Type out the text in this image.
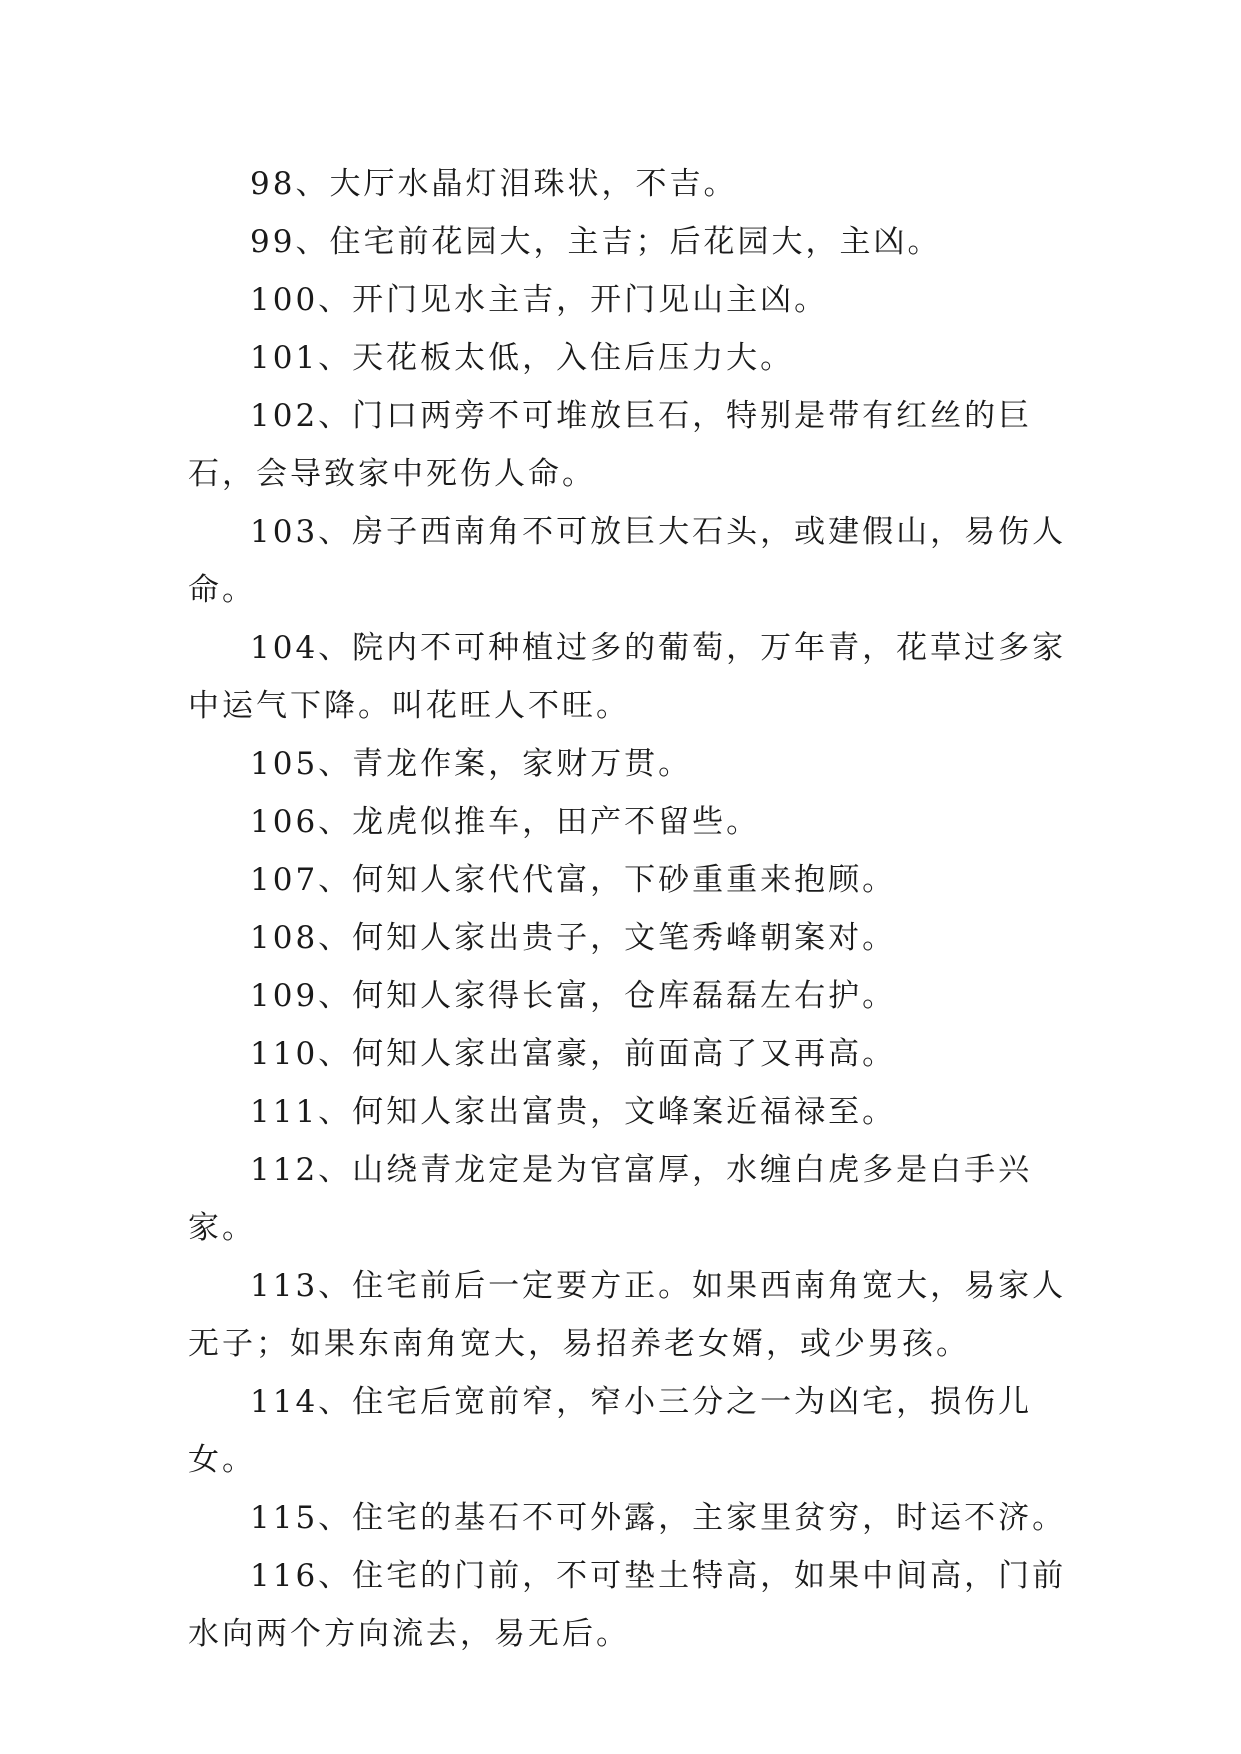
98、大厅水晶灯泪珠状，不吉。

99、住宅前花园大，主吉；后花园大，主凶。

100、开门见水主吉，开门见山主凶。

101、天花板太低，入住后压力大。

102、门口两旁不可堆放巨石，特别是带有红丝的巨石，会导致家中死伤人命。

103、房子西南角不可放巨大石头，或建假山，易伤人命。

104、院内不可种植过多的葡萄，万年青，花草过多家中运气下降。叫花旺人不旺。

105、青龙作案，家财万贯。

106、龙虎似推车，田产不留些。

107、何知人家代代富，下砂重重来抱顾。

108、何知人家出贵子，文笔秀峰朝案对。

109、何知人家得长富，仓库磊磊左右护。

110、何知人家出富豪，前面高了又再高。

111、何知人家出富贵，文峰案近福禄至。

112、山绕青龙定是为官富厚，水缠白虎多是白手兴家。

113、住宅前后一定要方正。如果西南角宽大，易家人无子；如果东南角宽大，易招养老女婿，或少男孩。

114、住宅后宽前窄，窄小三分之一为凶宅，损伤儿女。

115、住宅的基石不可外露，主家里贫穷，时运不济。

116、住宅的门前，不可垫土特高，如果中间高，门前水向两个方向流去，易无后。
